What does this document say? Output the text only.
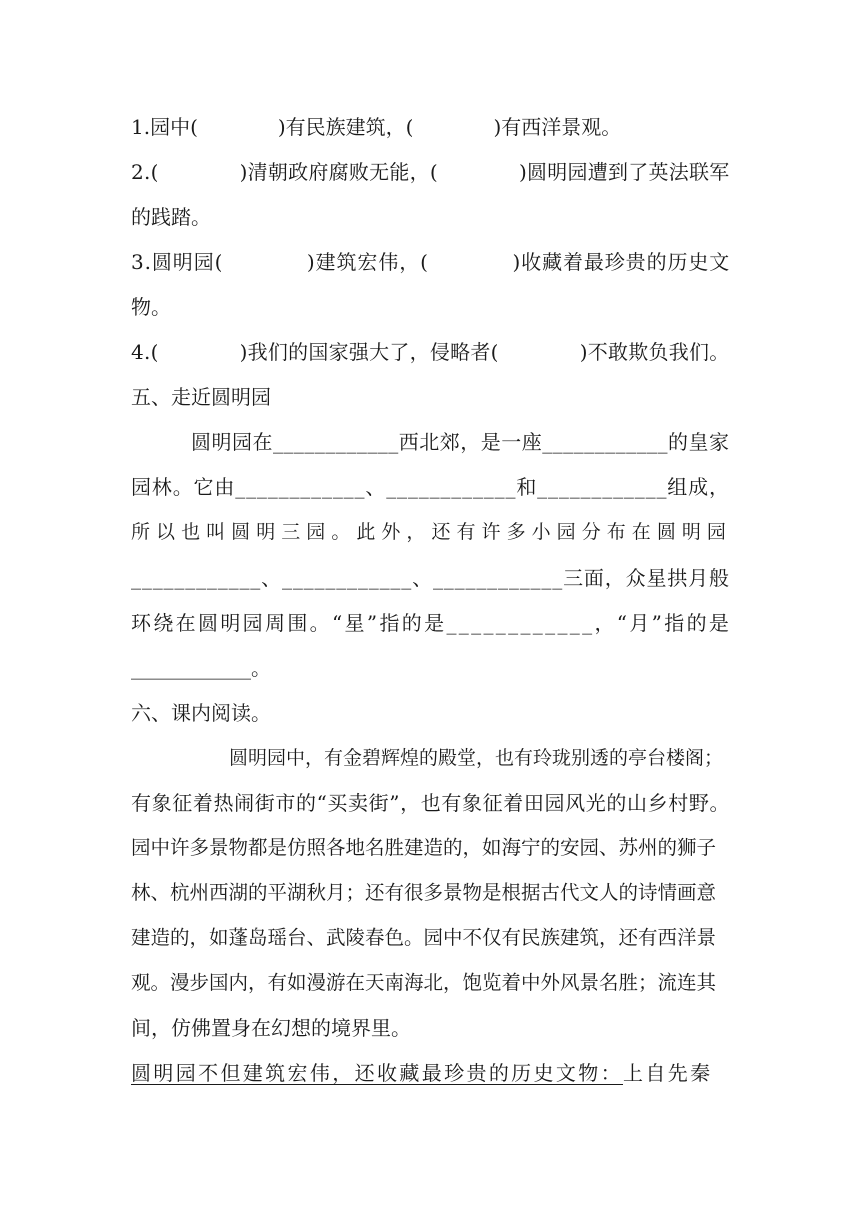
1.园中(　　　　)有民族建筑，(　　　　)有西洋景观。
2.(　　　　)清朝政府腐败无能，(　　　　)圆明园遭到了英法联军
的践踏。
3.圆明园(　　　　)建筑宏伟，(　　　　)收藏着最珍贵的历史文
物。
4.(　　　　)我们的国家强大了，侵略者(　　　　)不敢欺负我们。
五、走近圆明园
圆明园在____________西北郊，是一座____________的皇家
园林。它由____________、____________和____________组成，
所 以 也 叫 圆 明 三 园 。 此 外 ， 还 有 许 多 小 园 分 布 在 圆 明 园
____________、____________、____________三面，众星拱月般
环绕在圆明园周围。“星”指的是____________，“月”指的是
____________。
六、课内阅读。
圆明园中，有金碧辉煌的殿堂，也有玲珑别透的亭台楼阁；
有象征着热闹街市的“买卖街”，也有象征着田园风光的山乡村野。
园中许多景物都是仿照各地名胜建造的，如海宁的安园、苏州的狮子
林、杭州西湖的平湖秋月；还有很多景物是根据古代文人的诗情画意
建造的，如蓬岛瑶台、武陵春色。园中不仅有民族建筑，还有西洋景
观。漫步国内，有如漫游在天南海北，饱览着中外风景名胜；流连其
间，仿佛置身在幻想的境界里。
圆明园不但建筑宏伟，还收藏最珍贵的历史文物：上自先秦
